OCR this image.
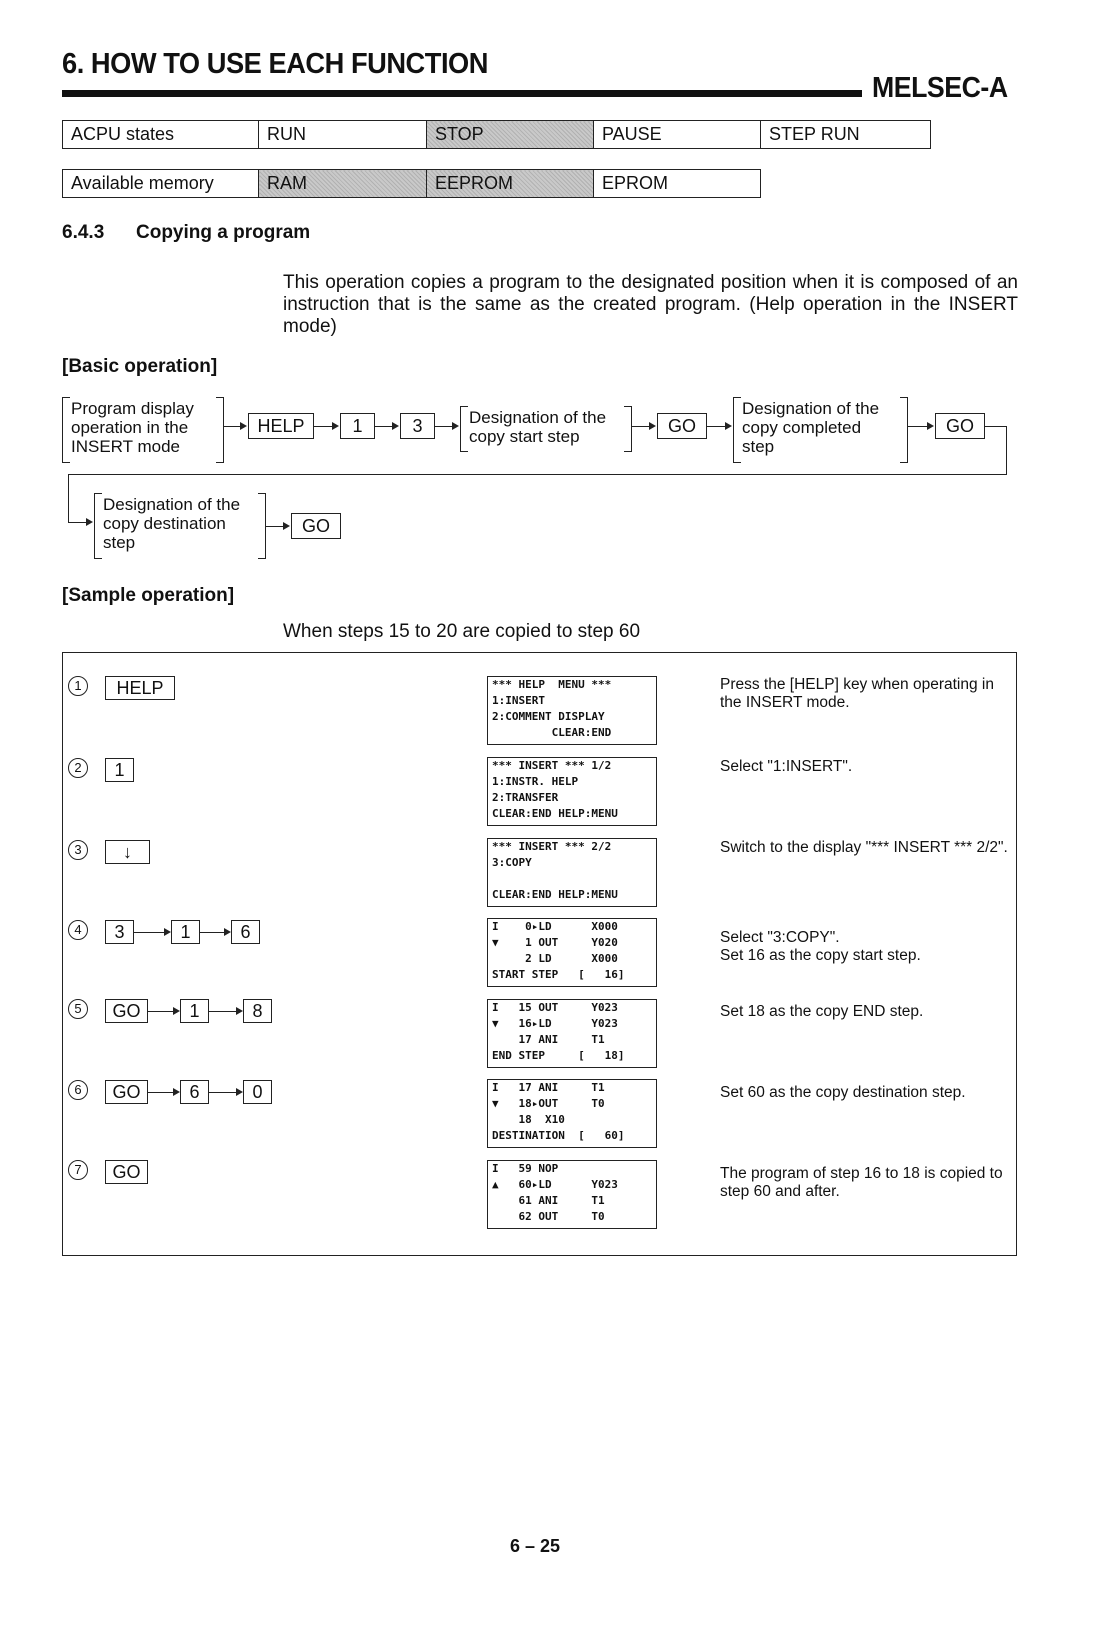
6. HOW TO USE EACH FUNCTION
MELSEC-A
ACPU states	RUN	STOP	PAUSE	STEP RUN
Available memory	RAM	EEPROM	EPROM
6.4.3 Copying a program
This operation copies a program to the designated position when it is composed of an instruction that is the same as the created program. (Help operation in the INSERT mode)
[Basic operation]
Program display
operation in the
INSERT mode
HELP	1	3	Designation of the
copy start step
GO
Designation of the
copy completed
step
GO
Designation of the
copy destination
step
GO
[Sample operation]
When steps 15 to 20 are copied to step 60
1	HELP	*** HELP  MENU ***
1:INSERT
2:COMMENT DISPLAY
CLEAR:END
Press the [HELP] key when operating in the INSERT mode.
2	1	*** INSERT *** 1/2
1:INSTR. HELP
2:TRANSFER
CLEAR:END HELP:MENU
Select "1:INSERT".
3	↓	*** INSERT *** 2/2
3:COPY
CLEAR:END HELP:MENU
Switch to the display "*** INSERT *** 2/2".
4	3	1	6	I    0▸LD      X000
▼    1 OUT     Y020
2 LD      X000
START STEP   [   16]
Select "3:COPY".
Set 16 as the copy start step.
5	GO	1	8	I   15 OUT     Y023
▼   16▸LD      Y023
17 ANI     T1
END STEP     [   18]
Set 18 as the copy END step.
6	GO	6	0	I   17 ANI     T1
▼   18▸OUT     T0
18  X10
DESTINATION  [   60]
Set 60 as the copy destination step.
7	GO	I   59 NOP
▲   60▸LD      Y023
61 ANI     T1
62 OUT     T0
The program of step 16 to 18 is copied to step 60 and after.
6 – 25
